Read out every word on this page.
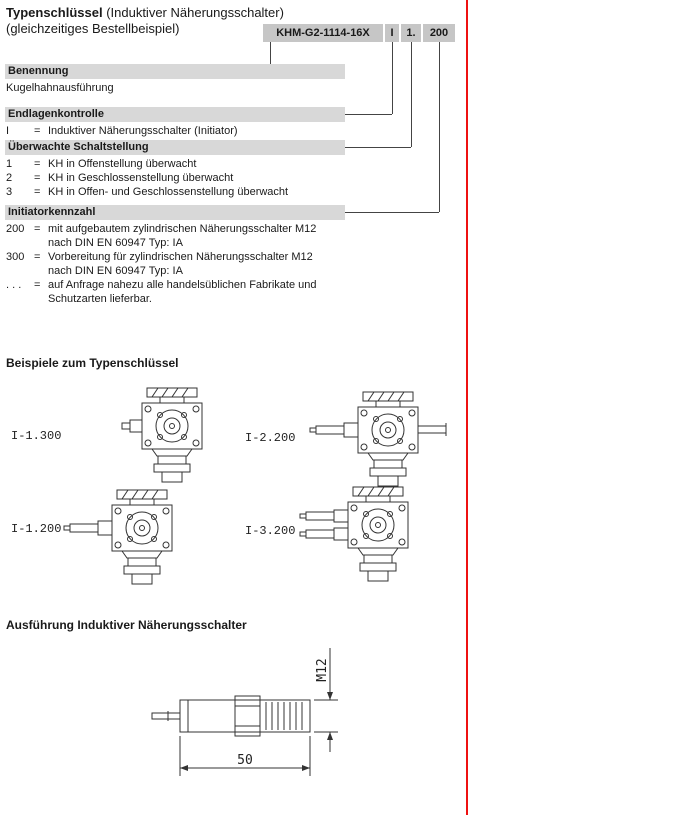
Typenschlüssel (Induktiver Näherungsschalter)
(gleichzeitiges Bestellbeispiel)	KHM-G2-1114-16X	I	1.	200
Benennung
Kugelhahnausführung
Endlagenkontrolle
I	= Induktiver Näherungsschalter (Initiator)
Überwachte Schaltstellung
1	= KH in Offenstellung überwacht
2	= KH in Geschlossenstellung überwacht
3	= KH in Offen- und Geschlossenstellung überwacht
Initiatorkennzahl
200 = mit aufgebautem zylindrischen Näherungsschalter M12
nach DIN EN 60947 Typ: IA
300 = Vorbereitung für zylindrischen Näherungsschalter M12
nach DIN EN 60947 Typ: IA
. . .	= auf Anfrage nahezu alle handelsüblichen Fabrikate und
Schutzarten lieferbar.
Beispiele zum Typenschlüssel
I-1.300	I-2.200
I-1.200	I-3.200
Ausführung Induktiver Näherungsschalter
50
M12
